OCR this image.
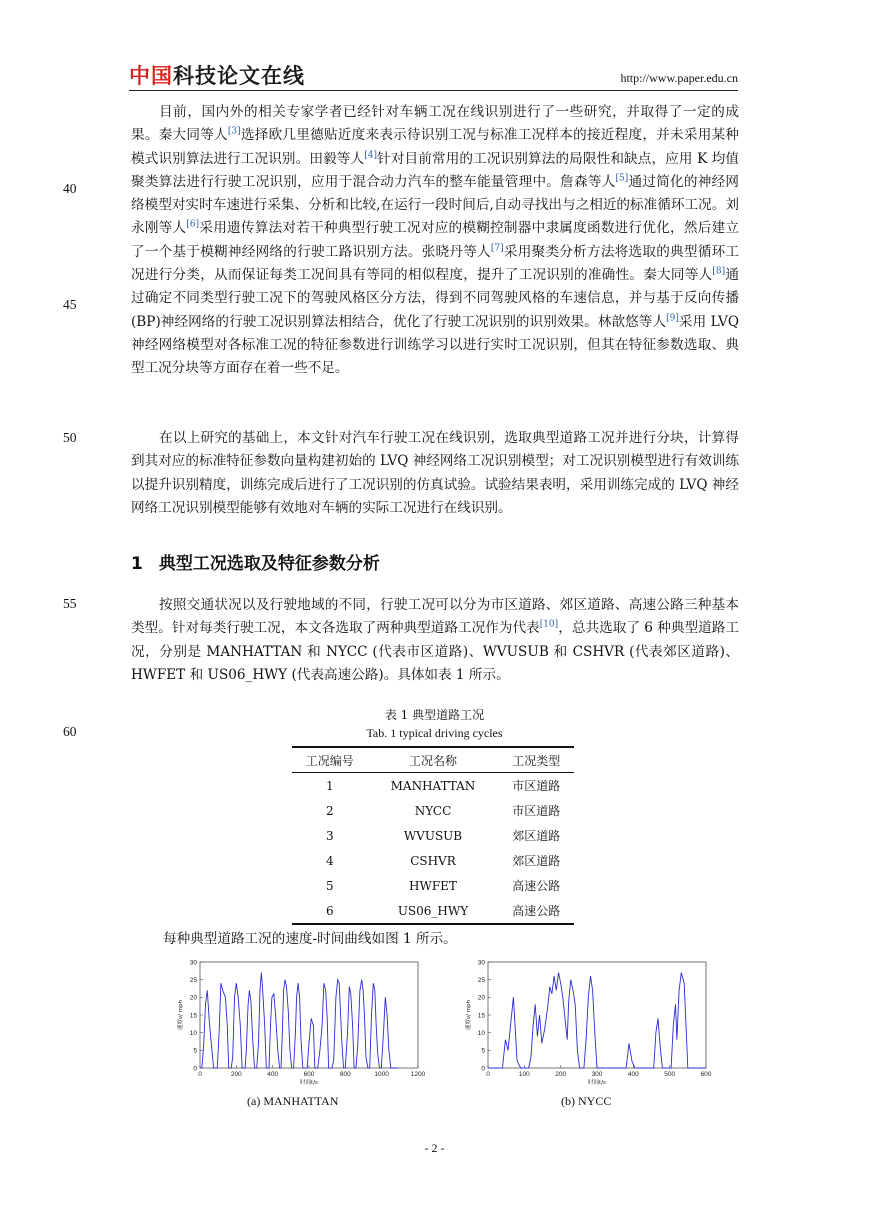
中国科技论文在线	http://www.paper.edu.cn
40
45
50
55
60

目前，国内外的相关专家学者已经针对车辆工况在线识别进行了一些研究，并取得了一定的成果。秦大同等人[3]选择欧几里德贴近度来表示待识别工况与标准工况样本的接近程度，并未采用某种模式识别算法进行工况识别。田毅等人[4]针对目前常用的工况识别算法的局限性和缺点，应用 K 均值聚类算法进行行驶工况识别，应用于混合动力汽车的整车能量管理中。詹森等人[5]通过简化的神经网络模型对实时车速进行采集、分析和比较,在运行一段时间后,自动寻找出与之相近的标准循环工况。刘永刚等人[6]采用遗传算法对若干种典型行驶工况对应的模糊控制器中隶属度函数进行优化，然后建立了一个基于模糊神经网络的行驶工路识别方法。张晓丹等人[7]采用聚类分析方法将选取的典型循环工况进行分类，从而保证每类工况间具有等同的相似程度，提升了工况识别的准确性。秦大同等人[8]通过确定不同类型行驶工况下的驾驶风格区分方法，得到不同驾驶风格的车速信息，并与基于反向传播(BP)神经网络的行驶工况识别算法相结合，优化了行驶工况识别的识别效果。林歆悠等人[9]采用 LVQ 神经网络模型对各标准工况的特征参数进行训练学习以进行实时工况识别，但其在特征参数选取、典型工况分块等方面存在着一些不足。

在以上研究的基础上，本文针对汽车行驶工况在线识别，选取典型道路工况并进行分块，计算得到其对应的标准特征参数向量构建初始的 LVQ 神经网络工况识别模型；对工况识别模型进行有效训练以提升识别精度，训练完成后进行了工况识别的仿真试验。试验结果表明，采用训练完成的 LVQ 神经网络工况识别模型能够有效地对车辆的实际工况进行在线识别。

1 典型工况选取及特征参数分析

按照交通状况以及行驶地域的不同，行驶工况可以分为市区道路、郊区道路、高速公路三种基本类型。针对每类行驶工况，本文各选取了两种典型道路工况作为代表[10]，总共选取了 6 种典型道路工况，分别是 MANHATTAN 和 NYCC (代表市区道路)、WVUSUB 和 CSHVR (代表郊区道路)、HWFET 和 US06_HWY (代表高速公路)。具体如表 1 所示。

表 1 典型道路工况
Tab. 1 typical driving cycles
工况编号	工况名称	工况类型
1	MANHATTAN	市区道路
2	NYCC	市区道路
3	WVUSUB	郊区道路
4	CSHVR	郊区道路
5	HWFET	高速公路
6	US06_HWY	高速公路
每种典型道路工况的速度-时间曲线如图 1 所示。
0	200	400	600	800	1000	1200
0
5
10
15
20
25
30
时间t/s
速度v/ mph
0	100	200	300	400	500	600
0
5
10
15
20
25
30
时间t/s
速度v/ mph
(a) MANHATTAN	(b) NYCC
- 2 -
